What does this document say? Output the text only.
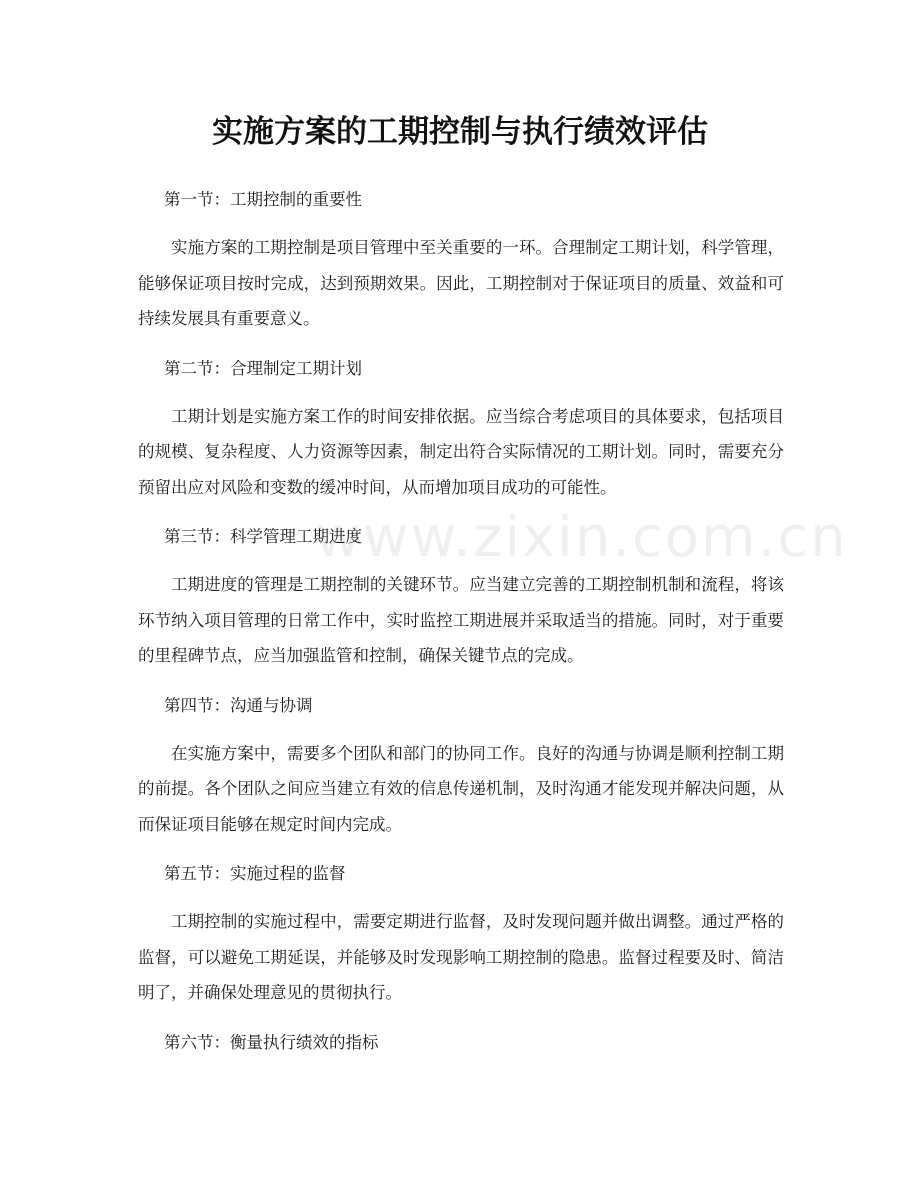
实施方案的工期控制与执行绩效评估
www.zixin.com.cn

第一节：工期控制的重要性

实施方案的工期控制是项目管理中至关重要的一环。合理制定工期计划，科学管理，能够保证项目按时完成，达到预期效果。因此，工期控制对于保证项目的质量、效益和可持续发展具有重要意义。

第二节：合理制定工期计划

工期计划是实施方案工作的时间安排依据。应当综合考虑项目的具体要求，包括项目的规模、复杂程度、人力资源等因素，制定出符合实际情况的工期计划。同时，需要充分预留出应对风险和变数的缓冲时间，从而增加项目成功的可能性。

第三节：科学管理工期进度

工期进度的管理是工期控制的关键环节。应当建立完善的工期控制机制和流程，将该环节纳入项目管理的日常工作中，实时监控工期进展并采取适当的措施。同时，对于重要的里程碑节点，应当加强监管和控制，确保关键节点的完成。

第四节：沟通与协调

在实施方案中，需要多个团队和部门的协同工作。良好的沟通与协调是顺利控制工期的前提。各个团队之间应当建立有效的信息传递机制，及时沟通才能发现并解决问题，从而保证项目能够在规定时间内完成。

第五节：实施过程的监督

工期控制的实施过程中，需要定期进行监督，及时发现问题并做出调整。通过严格的监督，可以避免工期延误，并能够及时发现影响工期控制的隐患。监督过程要及时、简洁明了，并确保处理意见的贯彻执行。

第六节：衡量执行绩效的指标
